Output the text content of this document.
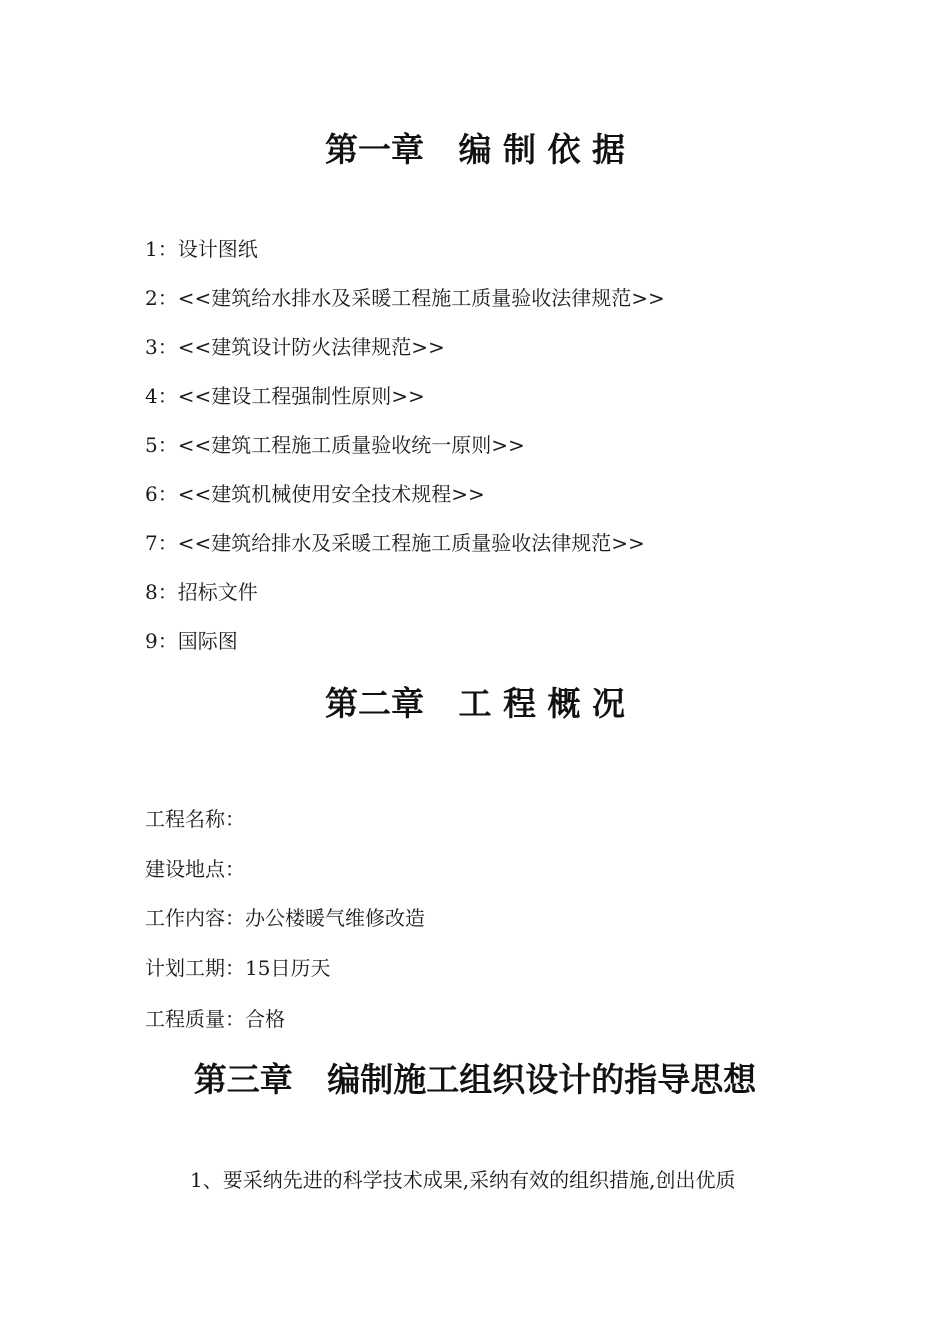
第一章   编 制 依 据
1：设计图纸
2：<<建筑给水排水及采暖工程施工质量验收法律规范>>
3：<<建筑设计防火法律规范>>
4：<<建设工程强制性原则>>
5：<<建筑工程施工质量验收统一原则>>
6：<<建筑机械使用安全技术规程>>
7：<<建筑给排水及采暖工程施工质量验收法律规范>>
8：招标文件
9：国际图
第二章   工 程 概 况
工程名称：
建设地点：
工作内容：办公楼暖气维修改造
计划工期：15日历天
工程质量：合格
第三章   编制施工组织设计的指导思想
1、要采纳先进的科学技术成果,采纳有效的组织措施,创出优质
